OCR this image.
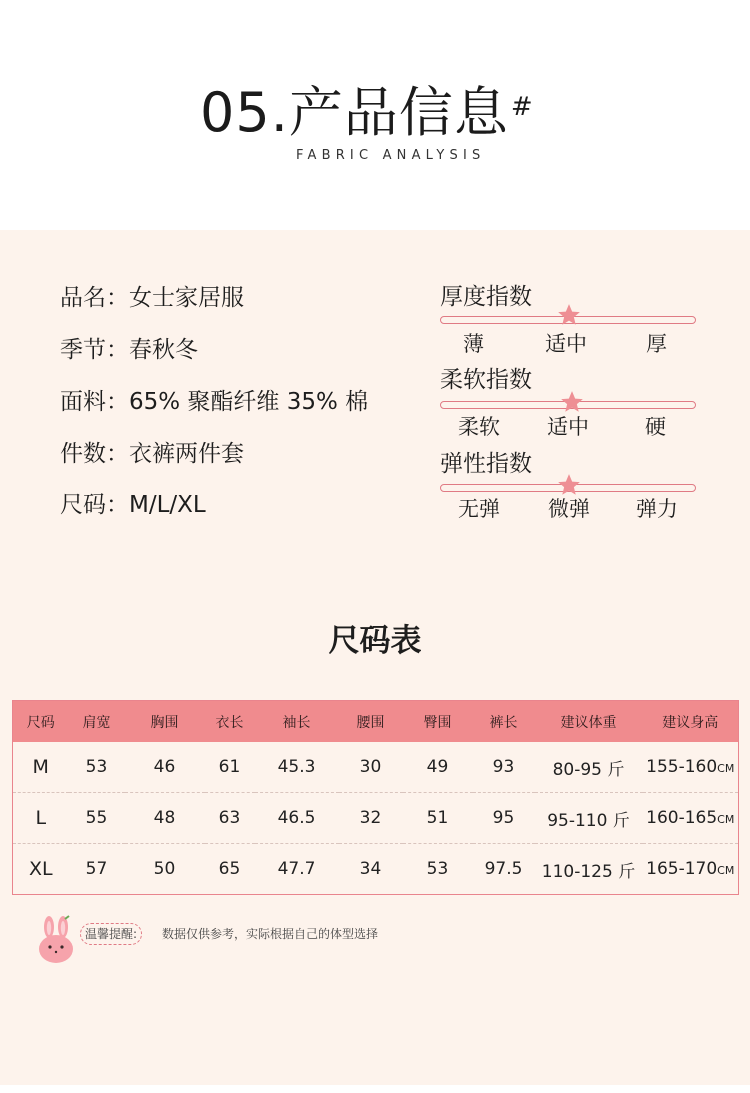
05.产品信息#
FABRIC ANALYSIS
品名：女士家居服
季节：春秋冬
面料：65% 聚酯纤维 35% 棉
件数：衣裤两件套
尺码：M/L/XL
厚度指数
薄	适中	厚
柔软指数
柔软 适中	硬
弹性指数
无弹 微弹 弹力
尺码表
尺码	肩宽	胸围	衣长	袖长	腰围	臀围	裤长	建议体重	建议身高
M	53	46	61	45.3	30	49	93	80-95 斤	155-160CM
L	55	48	63	46.5	32	51	95	95-110 斤	160-165CM
XL	57	50	65	47.7	34	53	97.5	110-125 斤	165-170CM
温馨提醒:	数据仅供参考，实际根据自己的体型选择
